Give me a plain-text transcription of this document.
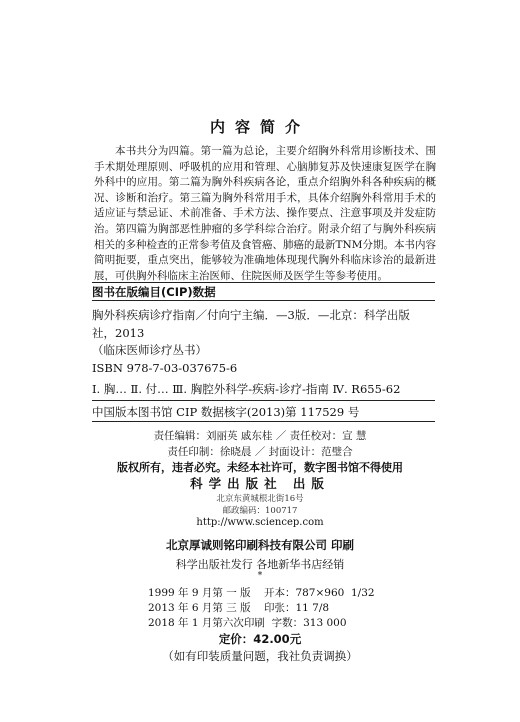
内容简介
本书共分为四篇。第一篇为总论，主要介绍胸外科常用诊断技术、围手术期处理原则、呼吸机的应用和管理、心脑肺复苏及快速康复医学在胸外科中的应用。第二篇为胸外科疾病各论，重点介绍胸外科各种疾病的概况、诊断和治疗。第三篇为胸外科常用手术，具体介绍胸外科常用手术的适应证与禁忌证、术前准备、手术方法、操作要点、注意事项及并发症防治。第四篇为胸部恶性肿瘤的多学科综合治疗。附录介绍了与胸外科疾病相关的多种检查的正常参考值及食管癌、肺癌的最新TNM分期。本书内容简明扼要，重点突出，能够较为准确地体现现代胸外科临床诊治的最新进展，可供胸外科临床主治医师、住院医师及医学生等参考使用。
图书在版编目(CIP)数据
胸外科疾病诊疗指南／付向宁主编．—3版．—北京：科学出版社，2013
（临床医师诊疗丛书）
ISBN 978-7-03-037675-6
Ⅰ. 胸… Ⅱ. 付… Ⅲ. 胸腔外科学-疾病-诊疗-指南 Ⅳ. R655-62
中国版本图书馆 CIP 数据核字(2013)第 117529 号
责任编辑：刘丽英 戚东桂 ／ 责任校对：宣 慧
责任印制：徐晓晨 ／ 封面设计：范璧合
版权所有，违者必究。未经本社许可，数字图书馆不得使用
科学出版社 出版
北京东黄城根北街16号
邮政编码：100717
http://www.sciencep.com
北京厚诚则铭印刷科技有限公司 印刷
科学出版社发行 各地新华书店经销
*
1999 年 9 月第 一 版    开本：787×960  1/32
2013 年 6 月第 三 版    印张：11 7/8
2018 年 1 月第六次印刷  字数：313 000
定价：42.00元
（如有印装质量问题，我社负责调换）
